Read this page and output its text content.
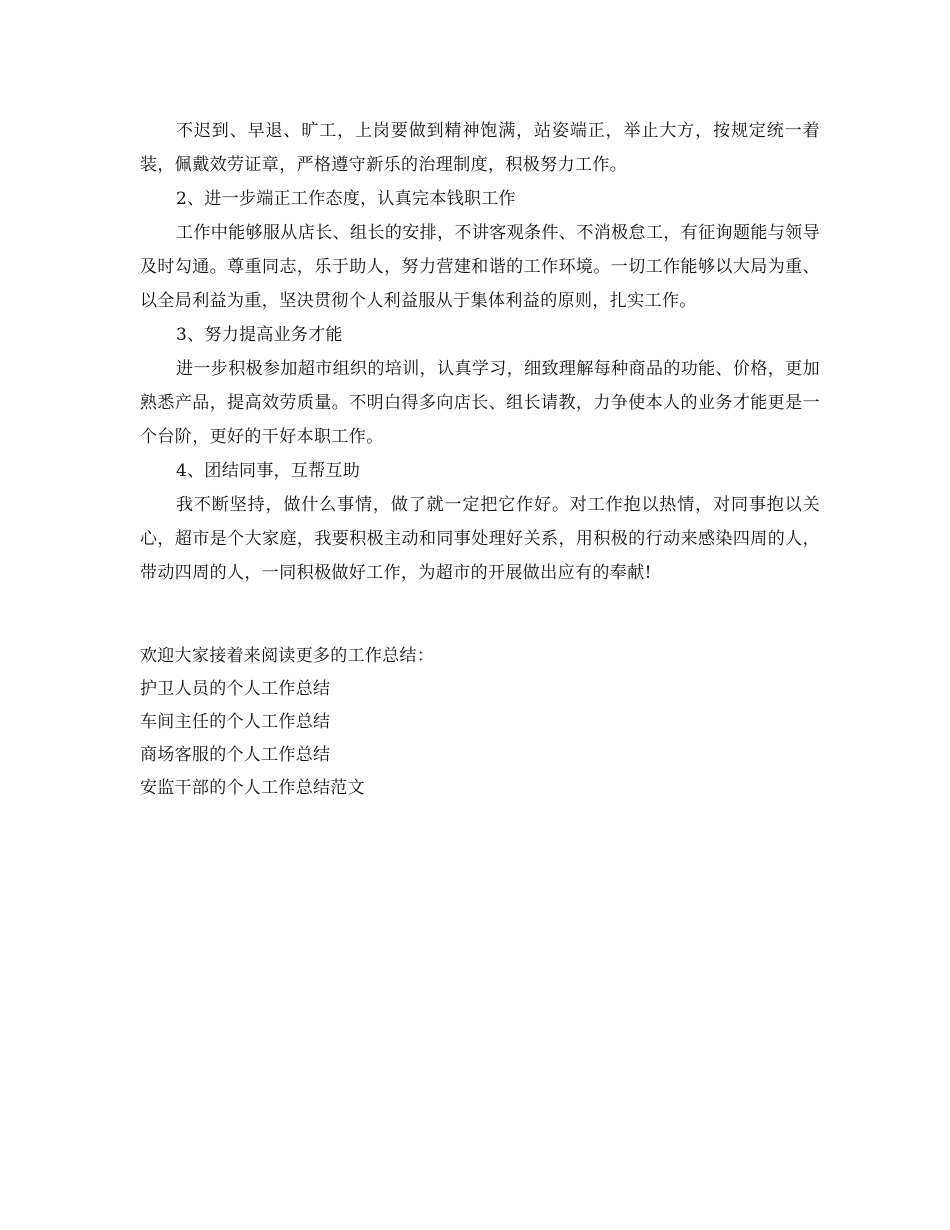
不迟到、早退、旷工，上岗要做到精神饱满，站姿端正，举止大方，按规定统一着装，佩戴效劳证章，严格遵守新乐的治理制度，积极努力工作。

2、进一步端正工作态度，认真完本钱职工作

工作中能够服从店长、组长的安排，不讲客观条件、不消极怠工，有征询题能与领导及时勾通。尊重同志，乐于助人，努力营建和谐的工作环境。一切工作能够以大局为重、以全局利益为重，坚决贯彻个人利益服从于集体利益的原则，扎实工作。

3、努力提高业务才能

进一步积极参加超市组织的培训，认真学习，细致理解每种商品的功能、价格，更加熟悉产品，提高效劳质量。不明白得多向店长、组长请教，力争使本人的业务才能更是一个台阶，更好的干好本职工作。

4、团结同事，互帮互助

我不断坚持，做什么事情，做了就一定把它作好。对工作抱以热情，对同事抱以关心，超市是个大家庭，我要积极主动和同事处理好关系，用积极的行动来感染四周的人，带动四周的人，一同积极做好工作，为超市的开展做出应有的奉献!

欢迎大家接着来阅读更多的工作总结：

护卫人员的个人工作总结
车间主任的个人工作总结
商场客服的个人工作总结
安监干部的个人工作总结范文
